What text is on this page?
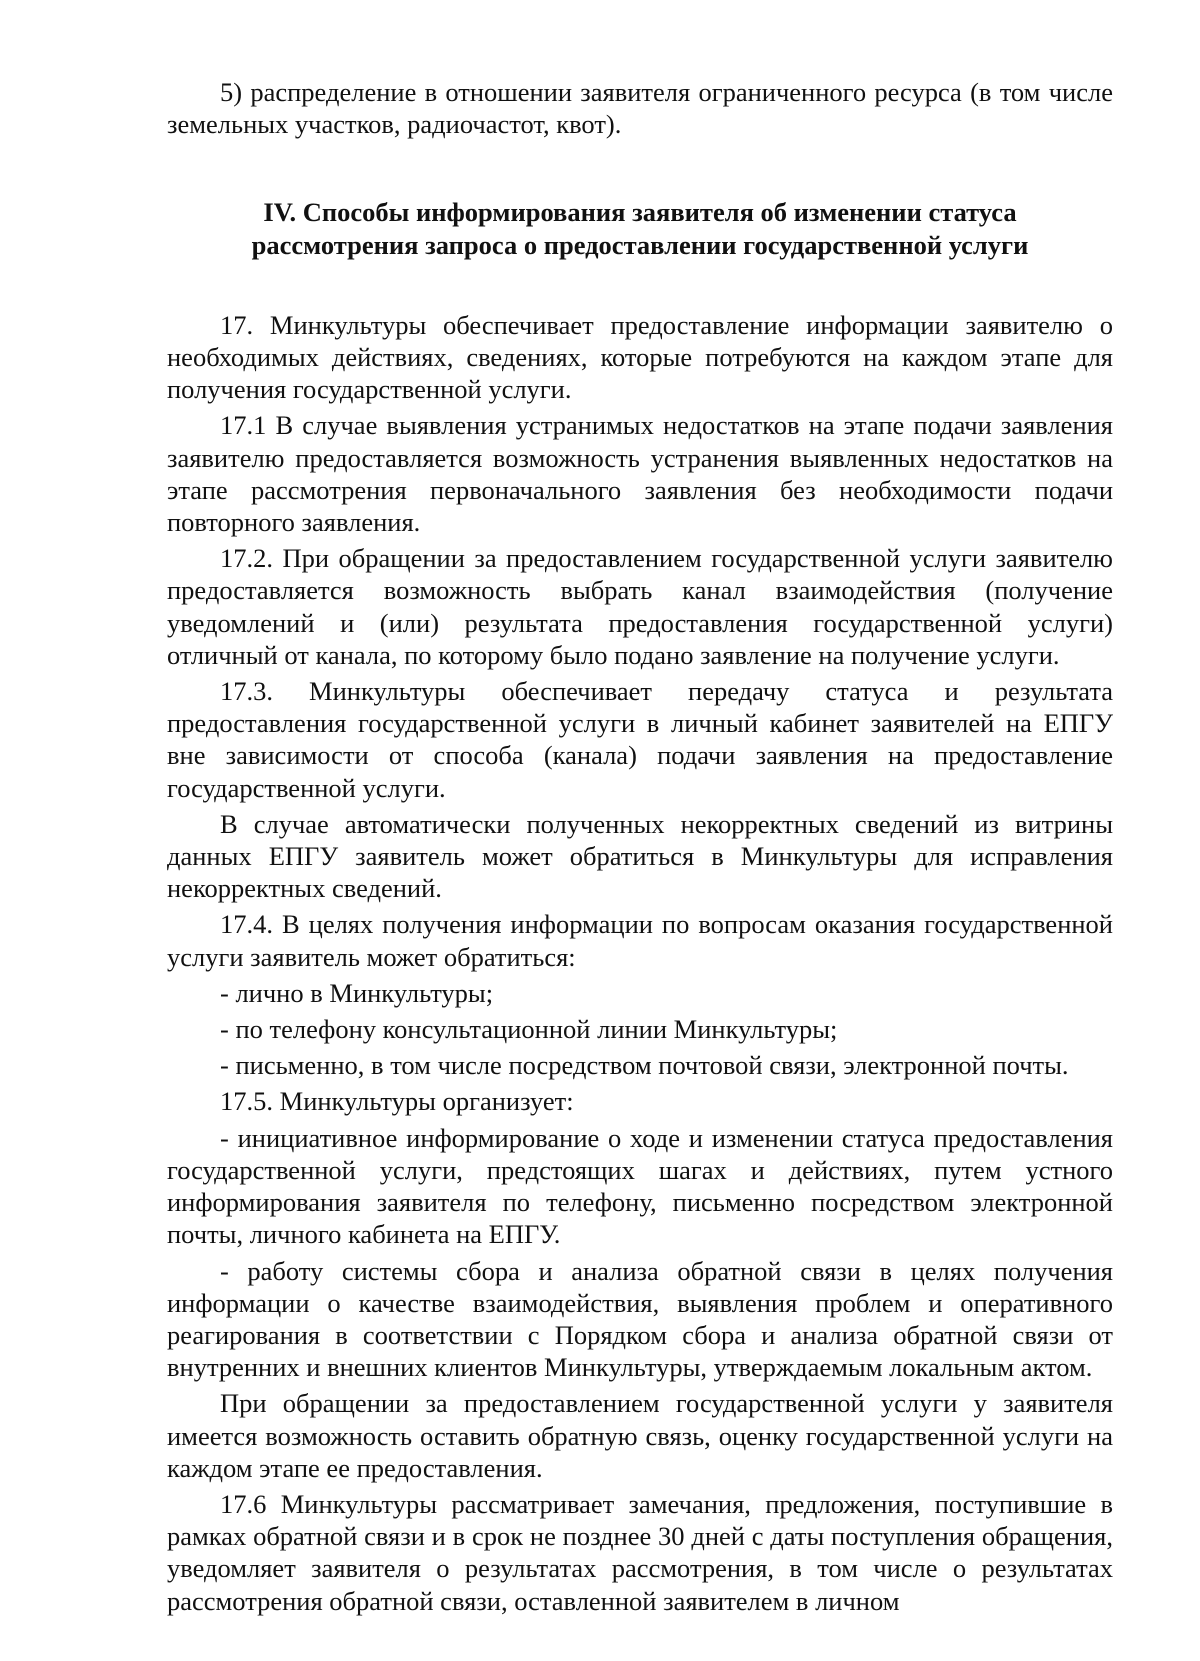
5) распределение в отношении заявителя ограниченного ресурса (в том числе земельных участков, радиочастот, квот).

IV. Способы информирования заявителя об изменении статуса
рассмотрения запроса о предоставлении государственной услуги

17. Минкультуры обеспечивает предоставление информации заявителю о необходимых действиях, сведениях, которые потребуются на каждом этапе для получения государственной услуги.

17.1 В случае выявления устранимых недостатков на этапе подачи заявления заявителю предоставляется возможность устранения выявленных недостатков на этапе рассмотрения первоначального заявления без необходимости подачи повторного заявления.

17.2. При обращении за предоставлением государственной услуги заявителю предоставляется возможность выбрать канал взаимодействия (получение уведомлений и (или) результата предоставления государственной услуги) отличный от канала, по которому было подано заявление на получение услуги.

17.3. Минкультуры обеспечивает передачу статуса и результата предоставления государственной услуги в личный кабинет заявителей на ЕПГУ вне зависимости от способа (канала) подачи заявления на предоставление государственной услуги.

В случае автоматически полученных некорректных сведений из витрины данных ЕПГУ заявитель может обратиться в Минкультуры для исправления некорректных сведений.

17.4. В целях получения информации по вопросам оказания государственной услуги заявитель может обратиться:

- лично в Минкультуры;

- по телефону консультационной линии Минкультуры;

- письменно, в том числе посредством почтовой связи, электронной почты.

17.5. Минкультуры организует:

- инициативное информирование о ходе и изменении статуса предоставления государственной услуги, предстоящих шагах и действиях, путем устного информирования заявителя по телефону, письменно посредством электронной почты, личного кабинета на ЕПГУ.

- работу системы сбора и анализа обратной связи в целях получения информации о качестве взаимодействия, выявления проблем и оперативного реагирования в соответствии с Порядком сбора и анализа обратной связи от внутренних и внешних клиентов Минкультуры, утверждаемым локальным актом.

При обращении за предоставлением государственной услуги у заявителя имеется возможность оставить обратную связь, оценку государственной услуги на каждом этапе ее предоставления.

17.6 Минкультуры рассматривает замечания, предложения, поступившие в рамках обратной связи и в срок не позднее 30 дней с даты поступления обращения, уведомляет заявителя о результатах рассмотрения, в том числе о результатах рассмотрения обратной связи, оставленной заявителем в личном
